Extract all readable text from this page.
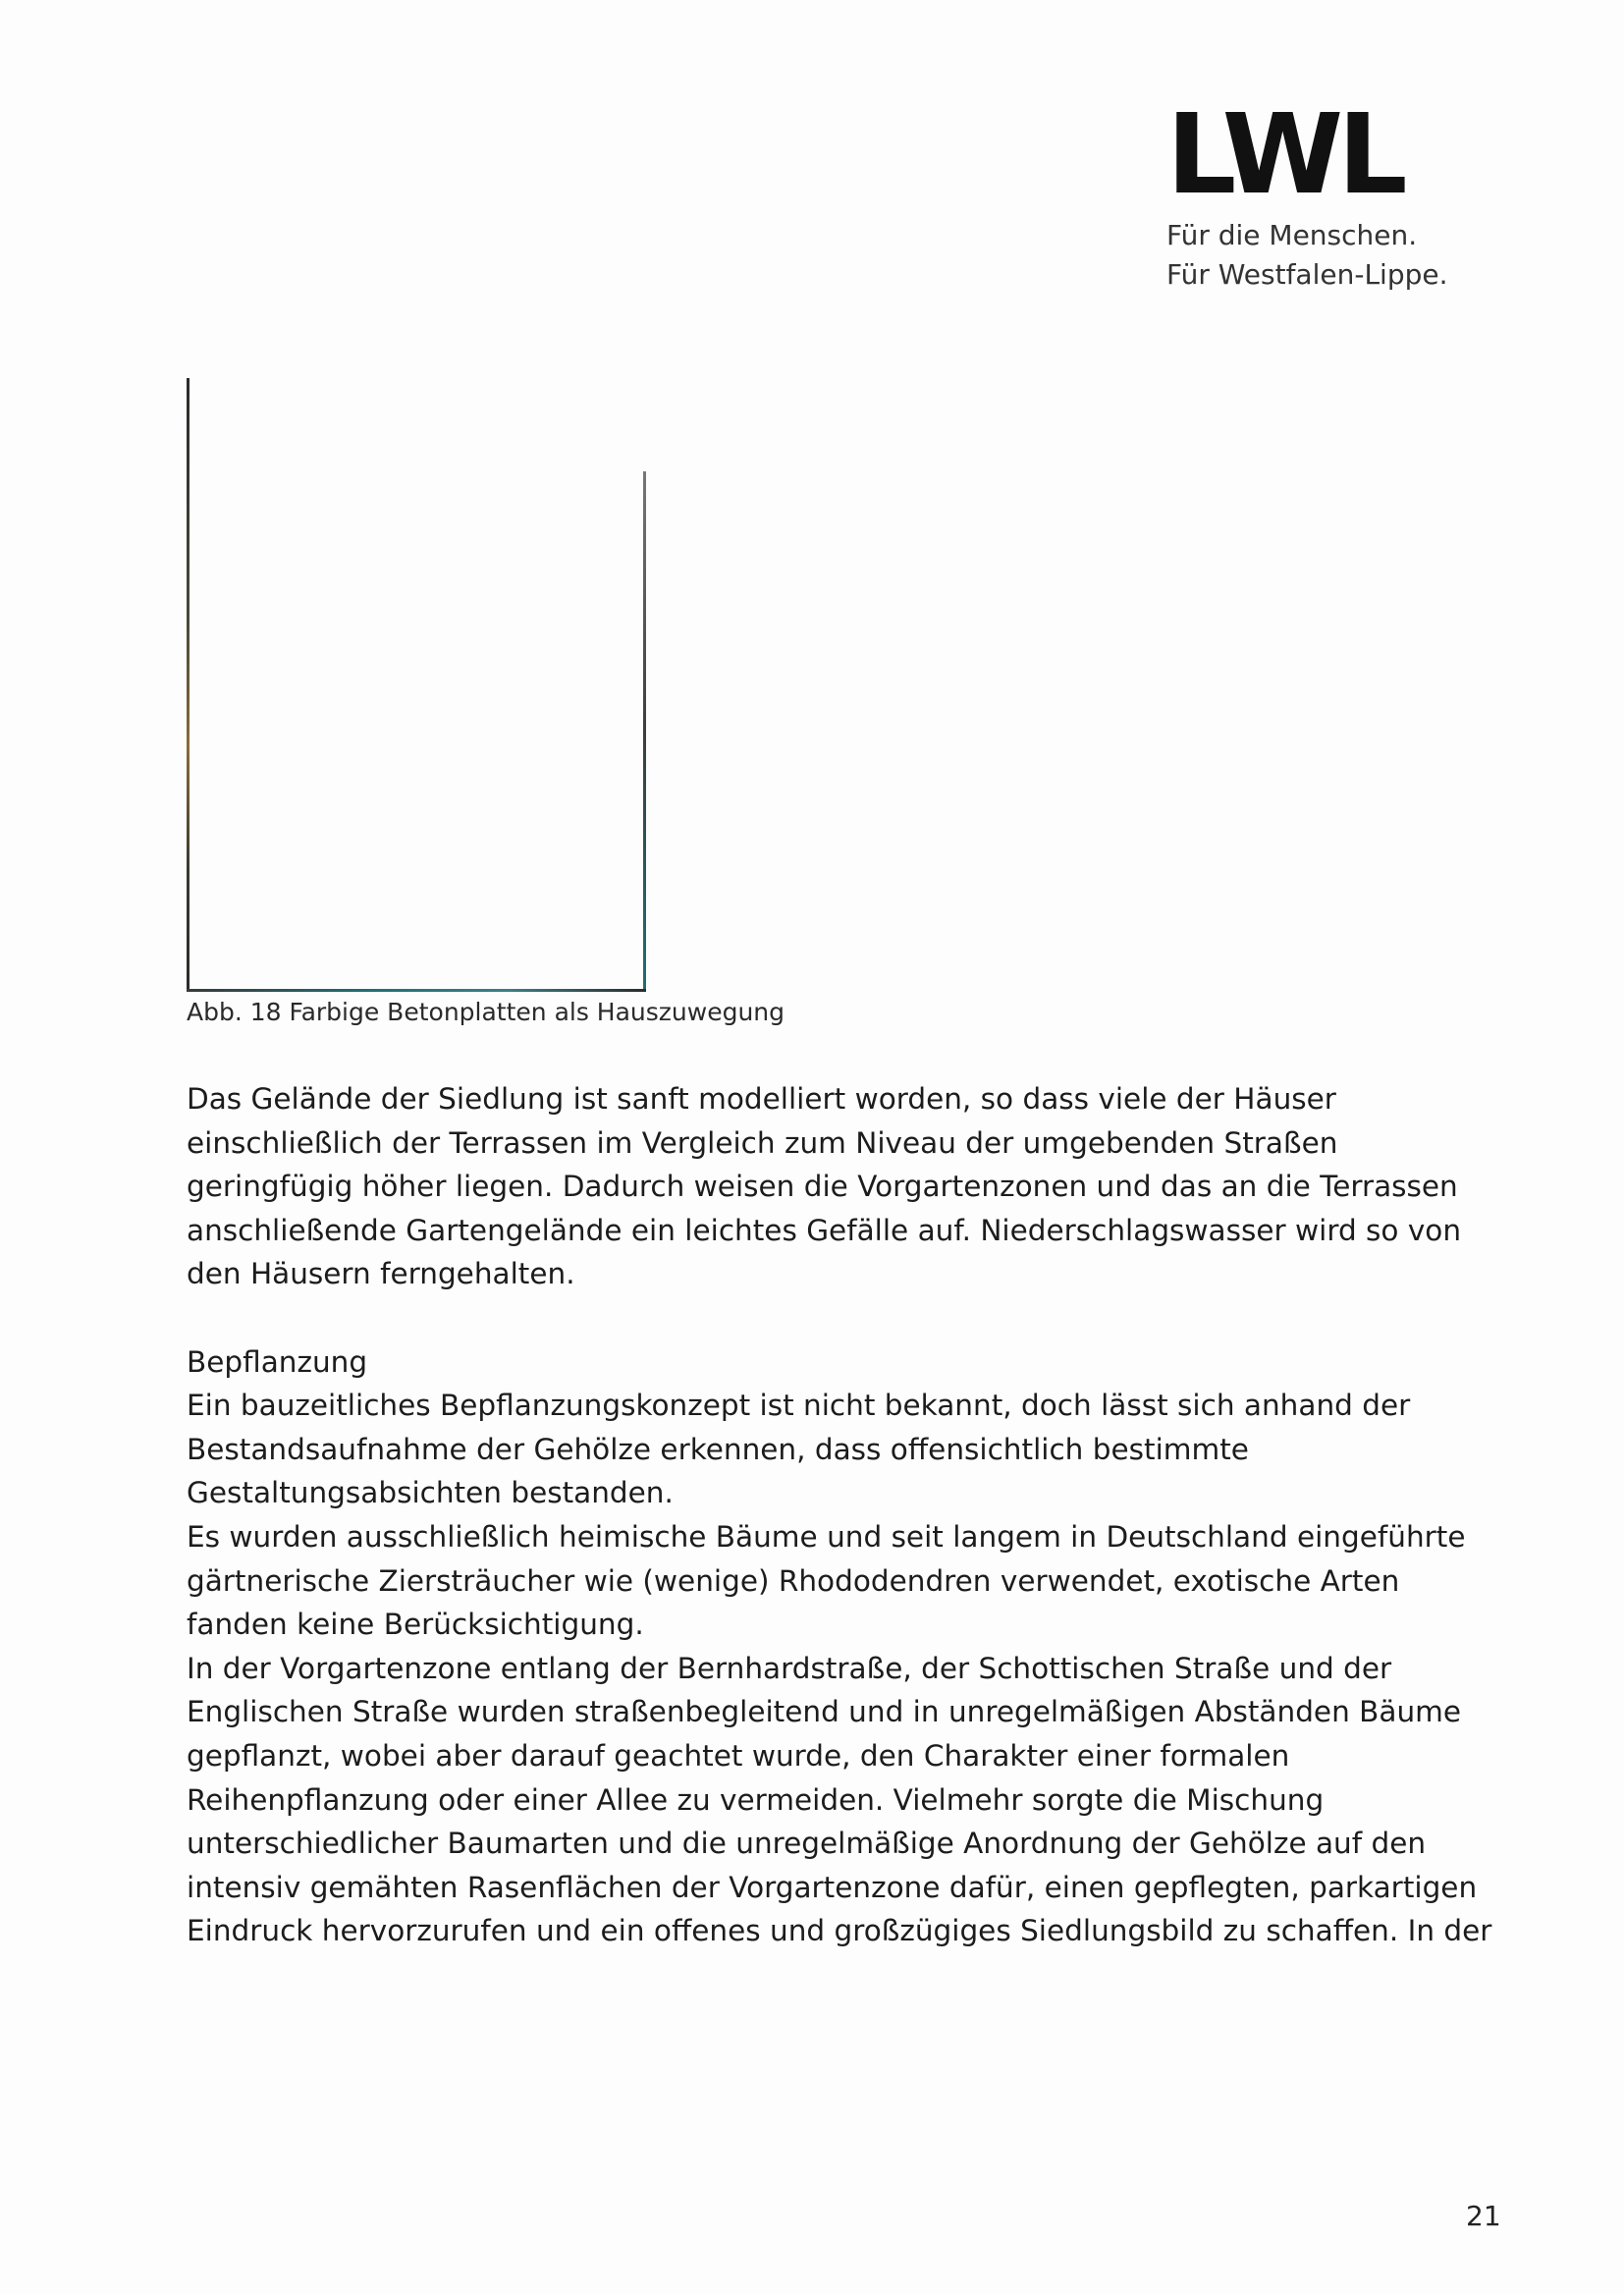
LWL
Für die Menschen.
Für Westfalen-Lippe.
Abb. 18 Farbige Betonplatten als Hauszuwegung

Das Gelände der Siedlung ist sanft modelliert worden, so dass viele der Häuser einschließlich der Terrassen im Vergleich zum Niveau der umgebenden Straßen geringfügig höher liegen. Dadurch weisen die Vorgartenzonen und das an die Terrassen anschließende Gartengelände ein leichtes Gefälle auf. Niederschlagswasser wird so von den Häusern ferngehalten.

Bepflanzung

Ein bauzeitliches Bepflanzungskonzept ist nicht bekannt, doch lässt sich anhand der Bestandsaufnahme der Gehölze erkennen, dass offensichtlich bestimmte Gestaltungsabsichten bestanden.

Es wurden ausschließlich heimische Bäume und seit langem in Deutschland eingeführte gärtnerische Ziersträucher wie (wenige) Rhododendren verwendet, exotische Arten fanden keine Berücksichtigung.

In der Vorgartenzone entlang der Bernhardstraße, der Schottischen Straße und der Englischen Straße wurden straßenbegleitend und in unregelmäßigen Abständen Bäume gepflanzt, wobei aber darauf geachtet wurde, den Charakter einer formalen Reihenpflanzung oder einer Allee zu vermeiden. Vielmehr sorgte die Mischung unterschiedlicher Baumarten und die unregelmäßige Anordnung der Gehölze auf den intensiv gemähten Rasenflächen der Vorgartenzone dafür, einen gepflegten, parkartigen Eindruck hervorzurufen und ein offenes und großzügiges Siedlungsbild zu schaffen. In der

21
